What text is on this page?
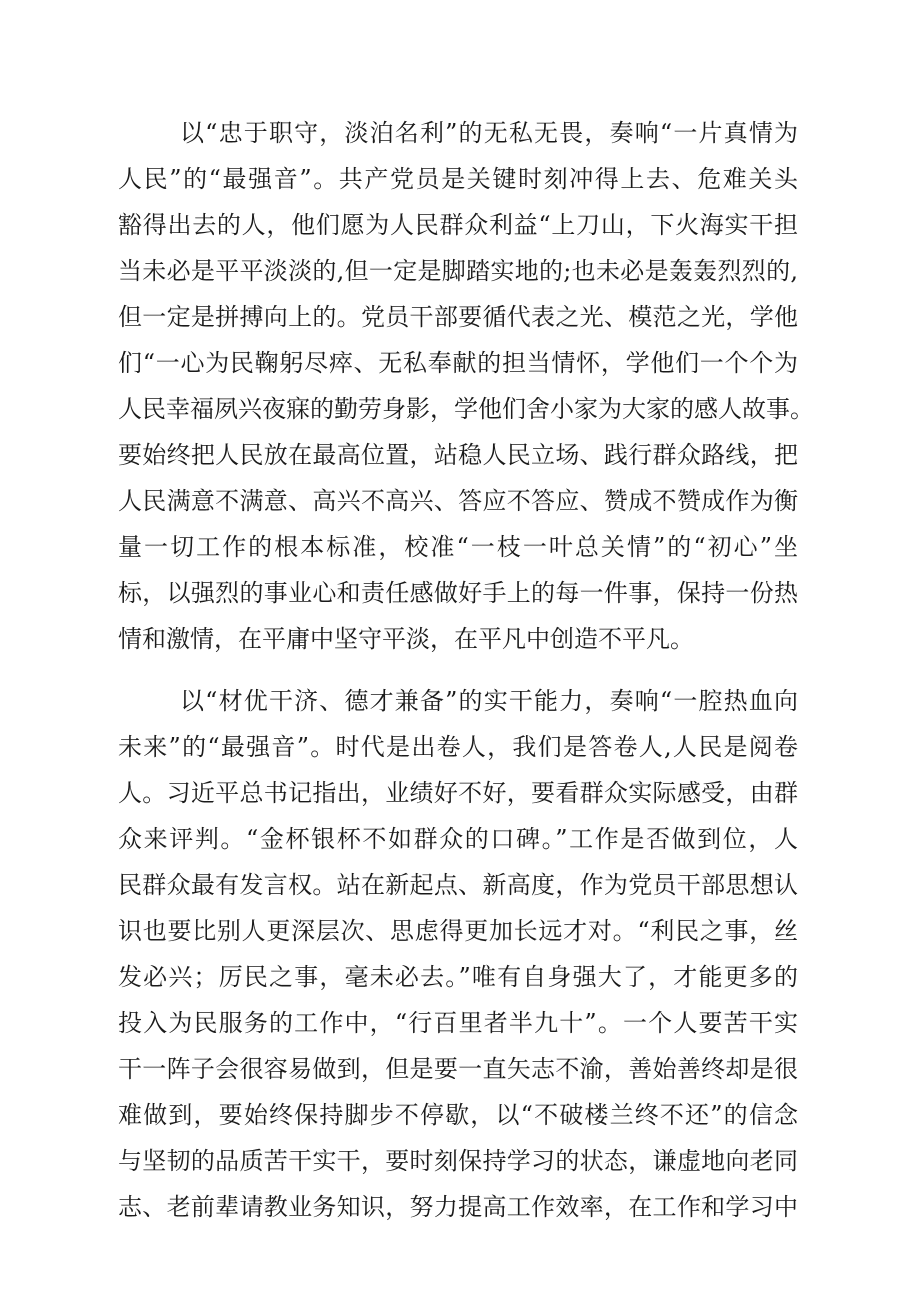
以“忠于职守，淡泊名利”的无私无畏，奏响“一片真情为
人民”的“最强音”。共产党员是关键时刻冲得上去、危难关头
豁得出去的人，他们愿为人民群众利益“上刀山，下火海实干担
当未必是平平淡淡的,但一定是脚踏实地的;也未必是轰轰烈烈的,
但一定是拼搏向上的。党员干部要循代表之光、模范之光，学他
们“一心为民鞠躬尽瘁、无私奉献的担当情怀，学他们一个个为
人民幸福夙兴夜寐的勤劳身影，学他们舍小家为大家的感人故事。
要始终把人民放在最高位置，站稳人民立场、践行群众路线，把
人民满意不满意、高兴不高兴、答应不答应、赞成不赞成作为衡
量一切工作的根本标准，校准“一枝一叶总关情”的“初心”坐
标，以强烈的事业心和责任感做好手上的每一件事，保持一份热
情和激情，在平庸中坚守平淡，在平凡中创造不平凡。
以“材优干济、德才兼备”的实干能力，奏响“一腔热血向
未来”的“最强音”。时代是出卷人，我们是答卷人,人民是阅卷
人。习近平总书记指出，业绩好不好，要看群众实际感受，由群
众来评判。“金杯银杯不如群众的口碑。”工作是否做到位，人
民群众最有发言权。站在新起点、新高度，作为党员干部思想认
识也要比别人更深层次、思虑得更加长远才对。“利民之事，丝
发必兴；厉民之事，毫未必去。”唯有自身强大了，才能更多的
投入为民服务的工作中，“行百里者半九十”。一个人要苦干实
干一阵子会很容易做到，但是要一直矢志不渝，善始善终却是很
难做到，要始终保持脚步不停歇，以“不破楼兰终不还”的信念
与坚韧的品质苦干实干，要时刻保持学习的状态，谦虚地向老同
志、老前辈请教业务知识，努力提高工作效率，在工作和学习中
